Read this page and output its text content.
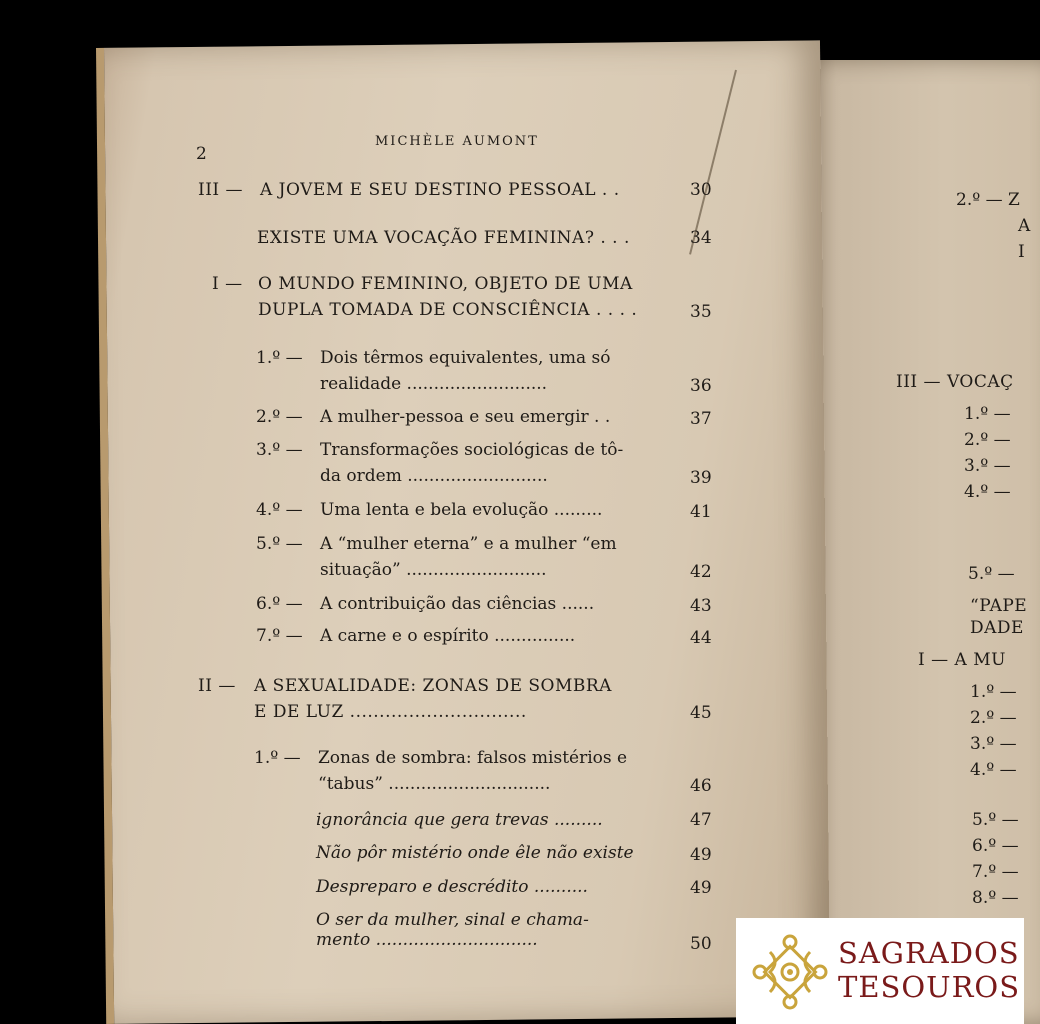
2
MICHÈLE AUMONT
III — A JOVEM E SEU DESTINO PESSOAL . .	30
EXISTE UMA VOCAÇÃO FEMININA? . . .	34
I — O MUNDO FEMININO, OBJETO DE UMA
DUPLA TOMADA DE CONSCIÊNCIA . . . .	35
1.º — Dois têrmos equivalentes, uma só
realidade ..........................	36
2.º — A mulher-pessoa e seu emergir . .	37
3.º — Transformações sociológicas de tô-
da ordem ..........................	39
4.º — Uma lenta e bela evolução .........	41
5.º — A “mulher eterna” e a mulher “em
situação” ..........................	42
6.º — A contribuição das ciências ......	43
7.º — A carne e o espírito ...............	44
II — A SEXUALIDADE: ZONAS DE SOMBRA
E DE LUZ ..............................	45
1.º — Zonas de sombra: falsos mistérios e
“tabus” ..............................	46
ignorância que gera trevas .........	47
Não pôr mistério onde êle não existe	49
Despreparo e descrédito ..........	49
O ser da mulher, sinal e chama-
mento ..............................	50
2.º — Z
A
I
III — VOCAÇ
1.º —
2.º —
3.º —
4.º —
5.º —
“PAPE
DADE
I — A MU
1.º —
2.º —
3.º —
4.º —
5.º —
6.º —
7.º —
8.º —
SAGRADOS
TESOUROS
